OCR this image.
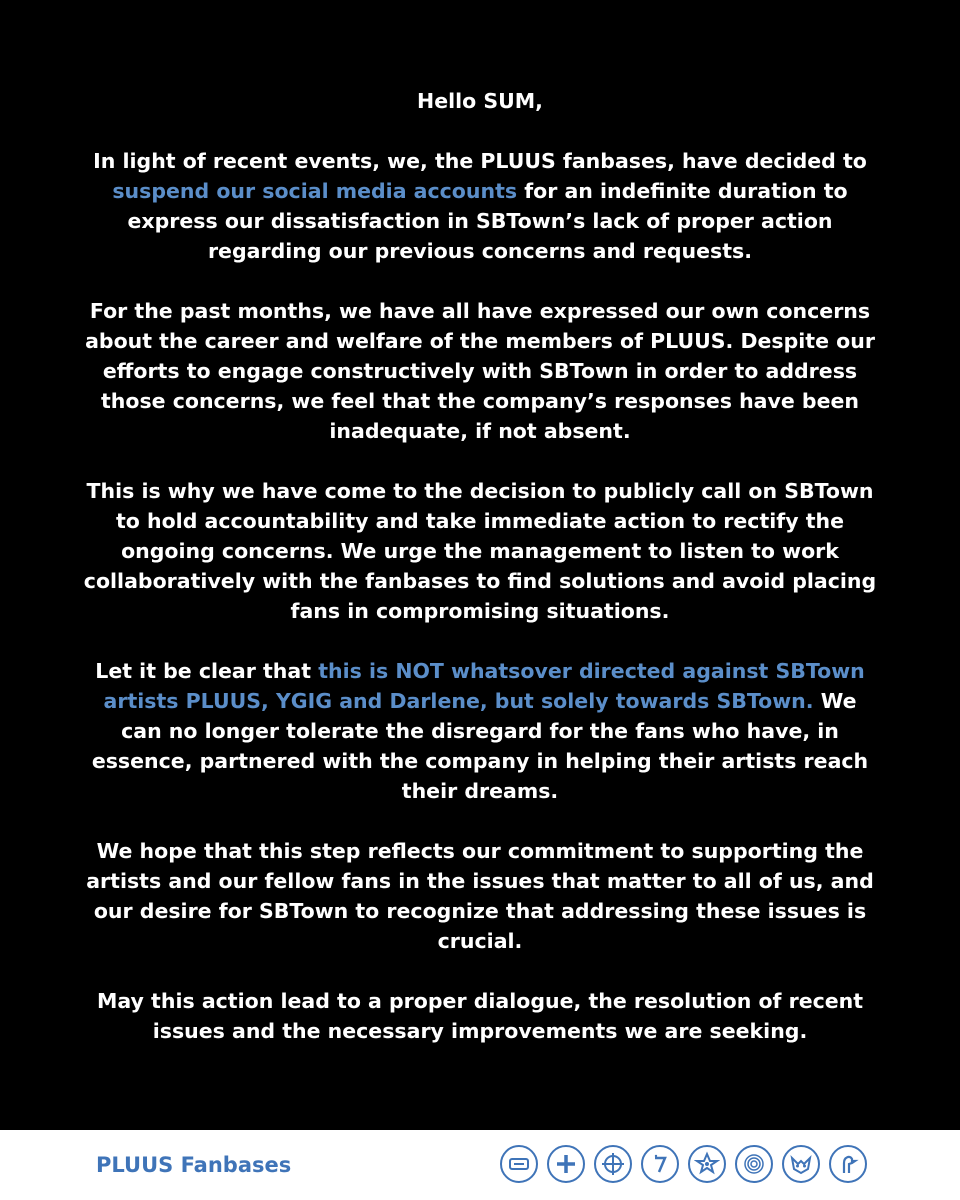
Hello SUM,

In light of recent events, we, the PLUUS fanbases, have decided to suspend our social media accounts for an indefinite duration to express our dissatisfaction in SBTown’s lack of proper action regarding our previous concerns and requests.

For the past months, we have all have expressed our own concerns about the career and welfare of the members of PLUUS. Despite our efforts to engage constructively with SBTown in order to address those concerns, we feel that the company’s responses have been inadequate, if not absent.

This is why we have come to the decision to publicly call on SBTown to hold accountability and take immediate action to rectify the ongoing concerns. We urge the management to listen to work collaboratively with the fanbases to find solutions and avoid placing fans in compromising situations.

Let it be clear that this is NOT whatsover directed against SBTown artists PLUUS, YGIG and Darlene, but solely towards SBTown. We can no longer tolerate the disregard for the fans who have, in essence, partnered with the company in helping their artists reach their dreams.

We hope that this step reflects our commitment to supporting the artists and our fellow fans in the issues that matter to all of us, and our desire for SBTown to recognize that addressing these issues is crucial.

May this action lead to a proper dialogue, the resolution of recent issues and the necessary improvements we are seeking.

PLUUS Fanbases
